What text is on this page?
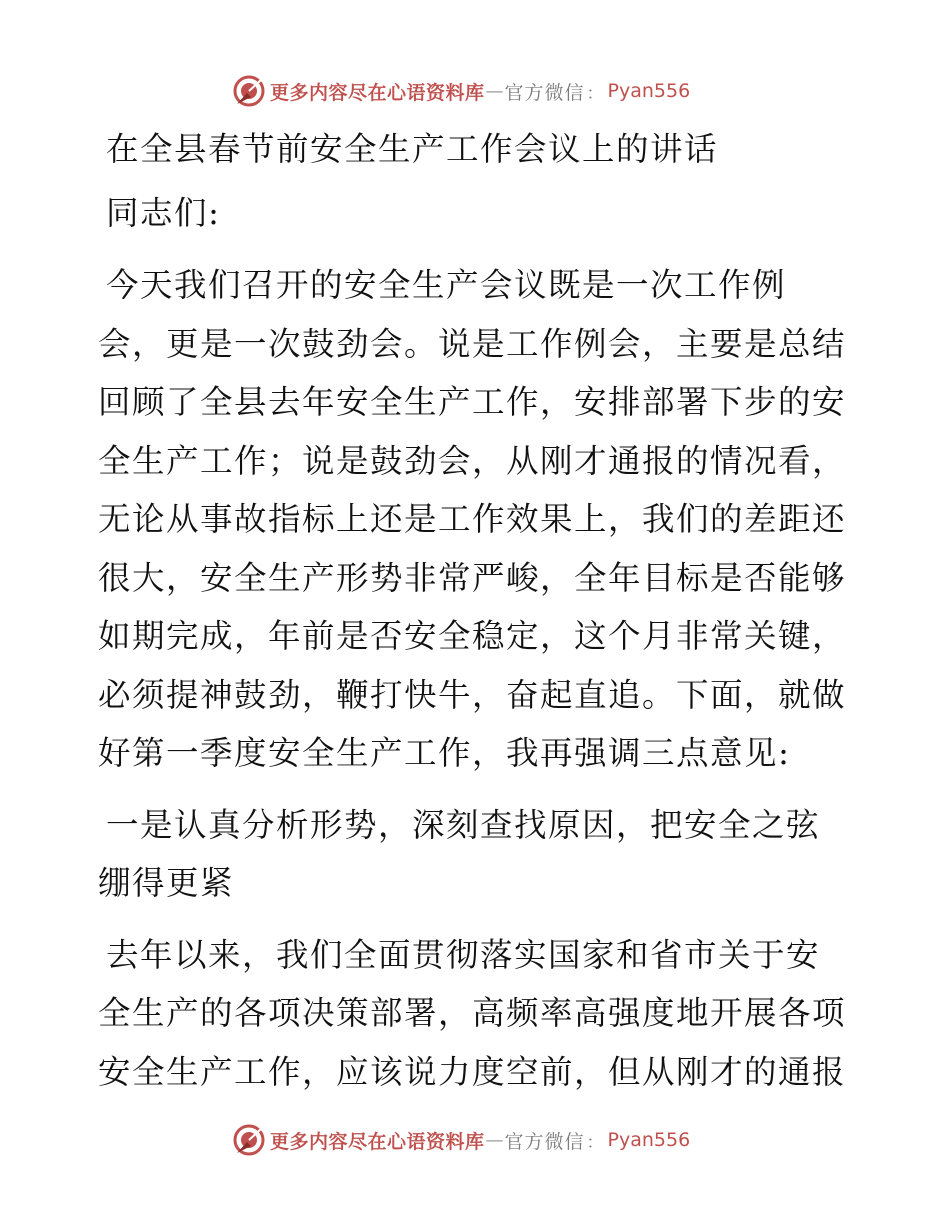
更多内容尽在心语资料库 — 官方微信 ： Pyan556
在全县春节前安全生产工作会议上的讲话
同志们:
今天我们召开的安全生产会议既是一次工作例
会，更是一次鼓劲会。说是工作例会，主要是总结
回顾了全县去年安全生产工作，安排部署下步的安
全生产工作；说是鼓劲会，从刚才通报的情况看，
无论从事故指标上还是工作效果上，我们的差距还
很大，安全生产形势非常严峻，全年目标是否能够
如期完成，年前是否安全稳定，这个月非常关键，
必须提神鼓劲，鞭打快牛，奋起直追。下面，就做
好第一季度安全生产工作，我再强调三点意见:
一是认真分析形势，深刻查找原因，把安全之弦
绷得更紧
去年以来，我们全面贯彻落实国家和省市关于安
全生产的各项决策部署，高频率高强度地开展各项
安全生产工作，应该说力度空前，但从刚才的通报
更多内容尽在心语资料库 — 官方微信 ： Pyan556
